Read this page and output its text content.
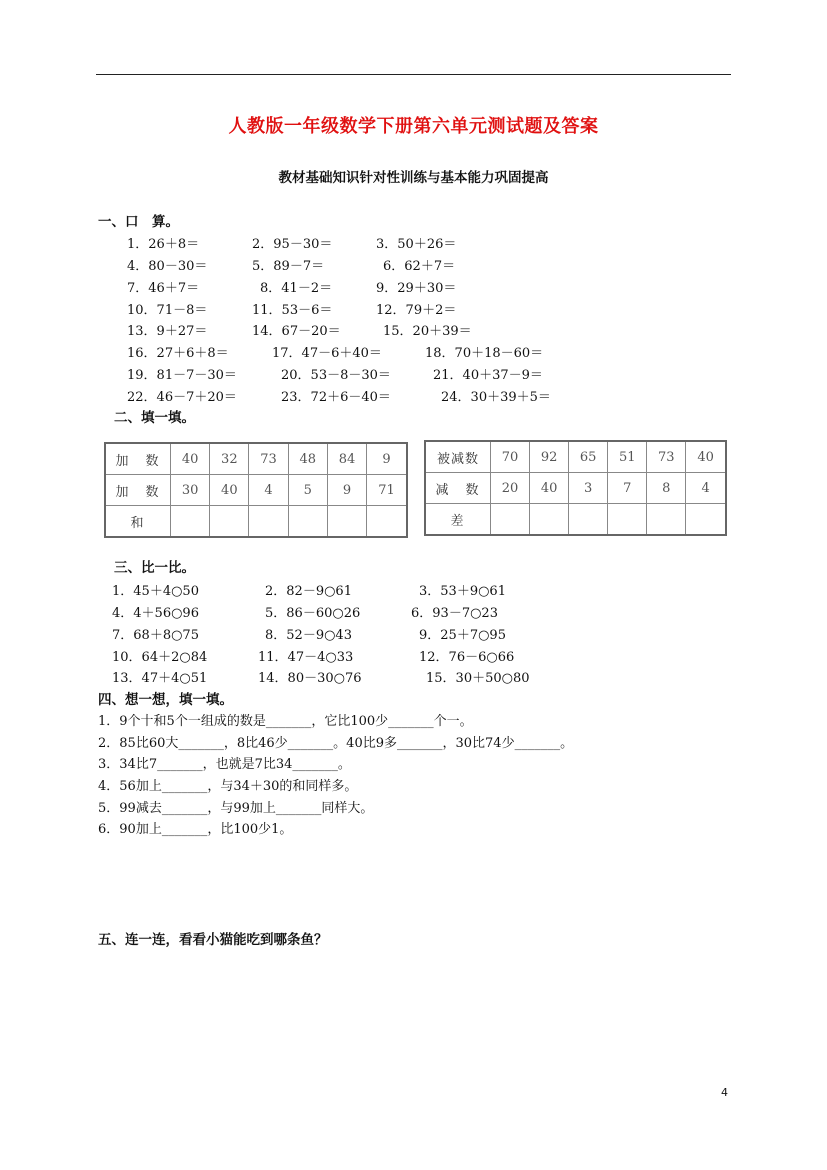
人教版一年级数学下册第六单元测试题及答案
教材基础知识针对性训练与基本能力巩固提高
一、口　算。
1．26＋8＝	2．95－30＝	3．50＋26＝
4．80－30＝	5．89－7＝	6．62＋7＝
7．46＋7＝	8．41－2＝	9．29＋30＝
10．71－8＝	11．53－6＝	12．79＋2＝
13．9＋27＝	14．67－20＝	15．20＋39＝
16．27＋6＋8＝	17．47－6＋40＝	18．70＋18－60＝
19．81－7－30＝	20．53－8－30＝	21．40＋37－9＝
22．46－7＋20＝	23．72＋6－40＝	24．30＋39＋5＝
二、填一填。
加　数	40	32	73	48	84	9
加　数	30	40	4	5	9	71
和						
被减数	70	92	65	51	73	40
减　数	20	40	3	7	8	4
差						
三、比一比。
1．45＋4○50	2．82－9○61	3．53＋9○61
4．4＋56○96	5．86－60○26	6．93－7○23
7．68＋8○75	8．52－9○43	9．25＋7○95
10．64＋2○84	11．47－4○33	12．76－6○66
13．47＋4○51	14．80－30○76	15．30＋50○80
四、想一想，填一填。
1．9个十和5个一组成的数是_______，它比100少_______个一。
2．85比60大_______，8比46少_______。40比9多_______，30比74少_______。
3．34比7_______，也就是7比34_______。
4．56加上_______，与34＋30的和同样多。
5．99减去_______，与99加上_______同样大。
6．90加上_______，比100少1。
五、连一连，看看小猫能吃到哪条鱼？
4
